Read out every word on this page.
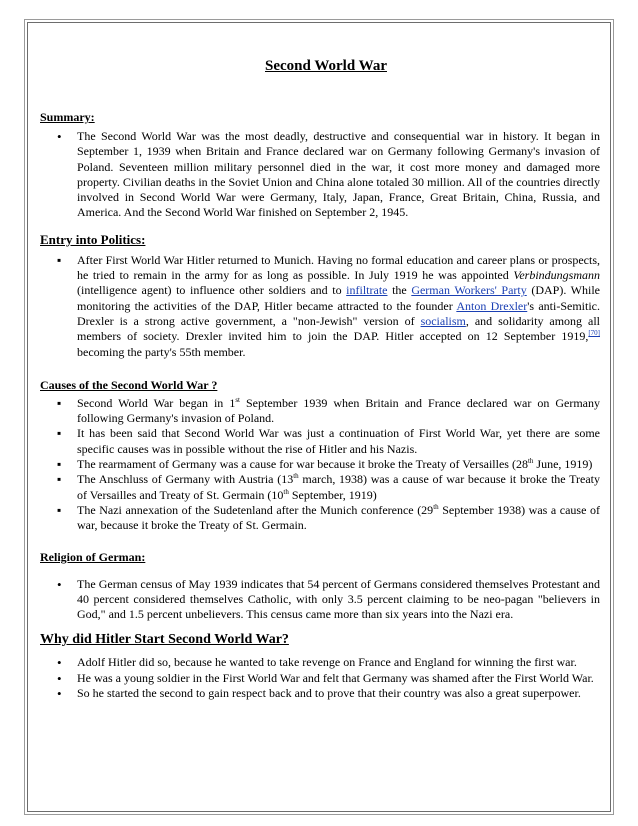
Second World War

Summary:

• The Second World War was the most deadly, destructive and consequential war in history. It began in September 1, 1939 when Britain and France declared war on Germany following Germany's invasion of Poland. Seventeen million military personnel died in the war, it cost more money and damaged more property. Civilian deaths in the Soviet Union and China alone totaled 30 million. All of the countries directly involved in Second World War were Germany, Italy, Japan, France, Great Britain, China, Russia, and America. And the Second World War finished on September 2, 1945.

Entry into Politics:

▪ After First World War Hitler returned to Munich. Having no formal education and career plans or prospects, he tried to remain in the army for as long as possible. In July 1919 he was appointed Verbindungsmann (intelligence agent) to influence other soldiers and to infiltrate the German Workers' Party (DAP). While monitoring the activities of the DAP, Hitler became attracted to the founder Anton Drexler's anti-Semitic. Drexler is a strong active government, a "non-Jewish" version of socialism, and solidarity among all members of society. Drexler invited him to join the DAP. Hitler accepted on 12 September 1919,[70] becoming the party's 55th member.

Causes of the Second World War ?

▪ Second World War began in 1st September 1939 when Britain and France declared war on Germany following Germany's invasion of Poland.
▪ It has been said that Second World War was just a continuation of First World War, yet there are some specific causes was in possible without the rise of Hitler and his Nazis.
▪ The rearmament of Germany was a cause for war because it broke the Treaty of Versailles (28th June, 1919)
▪ The Anschluss of Germany with Austria (13th march, 1938) was a cause of war because it broke the Treaty of Versailles and Treaty of St. Germain (10th September, 1919)
▪ The Nazi annexation of the Sudetenland after the Munich conference (29th September 1938) was a cause of war, because it broke the Treaty of St. Germain.

Religion of German:

• The German census of May 1939 indicates that 54 percent of Germans considered themselves Protestant and 40 percent considered themselves Catholic, with only 3.5 percent claiming to be neo-pagan "believers in God," and 1.5 percent unbelievers. This census came more than six years into the Nazi era.

Why did Hitler Start Second World War?

• Adolf Hitler did so, because he wanted to take revenge on France and England for winning the first war.
• He was a young soldier in the First World War and felt that Germany was shamed after the First World War.
• So he started the second to gain respect back and to prove that their country was also a great superpower.
